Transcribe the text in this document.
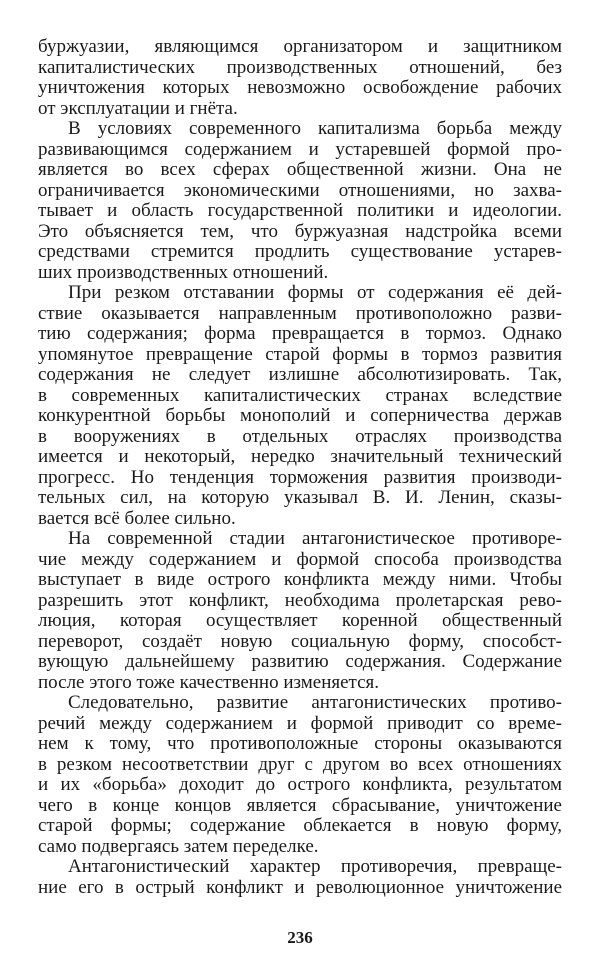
буржуазии, являющимся организатором и защитником
капиталистических производственных отношений, без
уничтожения которых невозможно освобождение рабочих
от эксплуатации и гнёта.
В условиях современного капитализма борьба между
развивающимся содержанием и устаревшей формой про-
является во всех сферах общественной жизни. Она не
ограничивается экономическими отношениями, но захва-
тывает и область государственной политики и идеологии.
Это объясняется тем, что буржуазная надстройка всеми
средствами стремится продлить существование устарев-
ших производственных отношений.
При резком отставании формы от содержания её дей-
ствие оказывается направленным противоположно разви-
тию содержания; форма превращается в тормоз. Однако
упомянутое превращение старой формы в тормоз развития
содержания не следует излишне абсолютизировать. Так,
в современных капиталистических странах вследствие
конкурентной борьбы монополий и соперничества держав
в вооружениях в отдельных отраслях производства
имеется и некоторый, нередко значительный технический
прогресс. Но тенденция торможения развития производи-
тельных сил, на которую указывал В. И. Ленин, сказы-
вается всё более сильно.
На современной стадии антагонистическое противоре-
чие между содержанием и формой способа производства
выступает в виде острого конфликта между ними. Чтобы
разрешить этот конфликт, необходима пролетарская рево-
люция, которая осуществляет коренной общественный
переворот, создаёт новую социальную форму, способст-
вующую дальнейшему развитию содержания. Содержание
после этого тоже качественно изменяется.
Следовательно, развитие антагонистических противо-
речий между содержанием и формой приводит со време-
нем к тому, что противоположные стороны оказываются
в резком несоответствии друг с другом во всех отношениях
и их «борьба» доходит до острого конфликта, результатом
чего в конце концов является сбрасывание, уничтожение
старой формы; содержание облекается в новую форму,
само подвергаясь затем переделке.
Антагонистический характер противоречия, превраще-
ние его в острый конфликт и революционное уничтожение
236
